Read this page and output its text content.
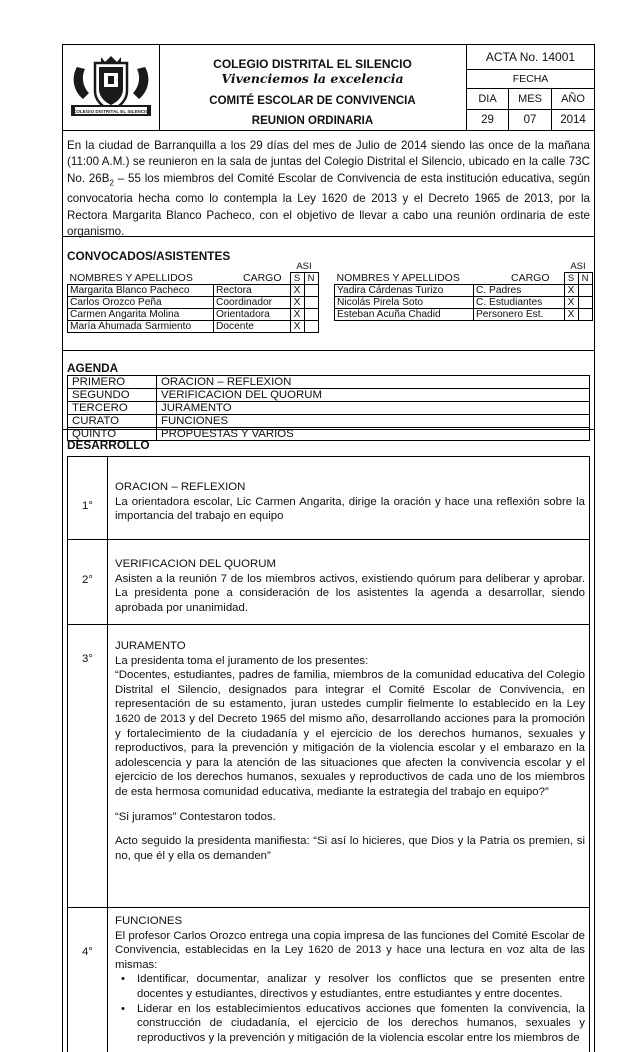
COLEGIO DISTRITAL EL SILENCIO
COLEGIO DISTRITAL EL SILENCIO
Vivenciemos la excelencia
COMITÉ ESCOLAR DE CONVIVENCIA
REUNION ORDINARIA
ACTA No. 14001
FECHA
DIA	MES	AÑO
29	07	2014
En la ciudad de Barranquilla a los 29 días del mes de Julio de 2014 siendo las once de la mañana (11:00 A.M.) se reunieron en la sala de juntas del Colegio Distrital el Silencio, ubicado en la calle 73C No. $26B_2 - 55$ los miembros del Comité Escolar de Convivencia de esta institución educativa, según convocatoria hecha como lo contempla la Ley 1620 de 2013 y el Decreto 1965 de 2013, por la Rectora Margarita Blanco Pacheco, con el objetivo de llevar a cabo una reunión ordinaria de este organismo.
CONVOCADOS/ASISTENTES
NOMBRES Y APELLIDOS	CARGO	ASI	
		S	N
Margarita Blanco Pacheco	Rectora	X	
Carlos Orozco Peña	Coordinador	X	
Carmen Angarita Molina	Orientadora	X	
María Ahumada Sarmiento	Docente	X	
NOMBRES Y APELLIDOS	CARGO	ASI	
		S	N
Yadira Cárdenas Turizo	C. Padres	X	
Nicolás Pirela Soto	C. Estudiantes	X	
Esteban Acuña Chadid	Personero Est.	X	
AGENDA
PRIMERO	ORACION – REFLEXION
SEGUNDO	VERIFICACION DEL QUORUM
TERCERO	JURAMENTO
CURATO	FUNCIONES
QUINTO	PROPUESTAS Y VARIOS
DESARROLLO
1°

ORACION – REFLEXION

La orientadora escolar, Lic Carmen Angarita, dirige la oración y hace una reflexión sobre la importancia del trabajo en equipo

2°

VERIFICACION DEL QUORUM

Asisten a la reunión 7 de los miembros activos, existiendo quórum para deliberar y aprobar. La presidenta pone a consideración de los asistentes la agenda a desarrollar, siendo aprobada por unanimidad.

3°

JURAMENTO

La presidenta toma el juramento de los presentes:

“Docentes, estudiantes, padres de familia, miembros de la comunidad educativa del Colegio Distrital el Silencio, designados para integrar el Comité Escolar de Convivencia, en representación de su estamento, juran ustedes cumplir fielmente lo establecido en la Ley 1620 de 2013 y del Decreto 1965 del mismo año, desarrollando acciones para la promoción y fortalecimiento de la ciudadanía y el ejercicio de los derechos humanos, sexuales y reproductivos, para la prevención y mitigación de la violencia escolar y el embarazo en la adolescencia y para la atención de las situaciones que afecten la convivencia escolar y el ejercicio de los derechos humanos, sexuales y reproductivos de cada uno de los miembros de esta hermosa comunidad educativa, mediante la estrategia del trabajo en equipo?”

“Si juramos” Contestaron todos.

Acto seguido la presidenta manifiesta: “Si así lo hicieres, que Dios y la Patria os premien, si no, que él y ella os demanden”

4°

FUNCIONES

El profesor Carlos Orozco entrega una copia impresa de las funciones del Comité Escolar de Convivencia, establecidas en la Ley 1620 de 2013 y hace una lectura en voz alta de las mismas:

• Identificar, documentar, analizar y resolver los conflictos que se presenten entre docentes y estudiantes, directivos y estudiantes, entre estudiantes y entre docentes.
• Liderar en los establecimientos educativos acciones que fomenten la convivencia, la construcción de ciudadanía, el ejercicio de los derechos humanos, sexuales y reproductivos y la prevención y mitigación de la violencia escolar entre los miembros de
